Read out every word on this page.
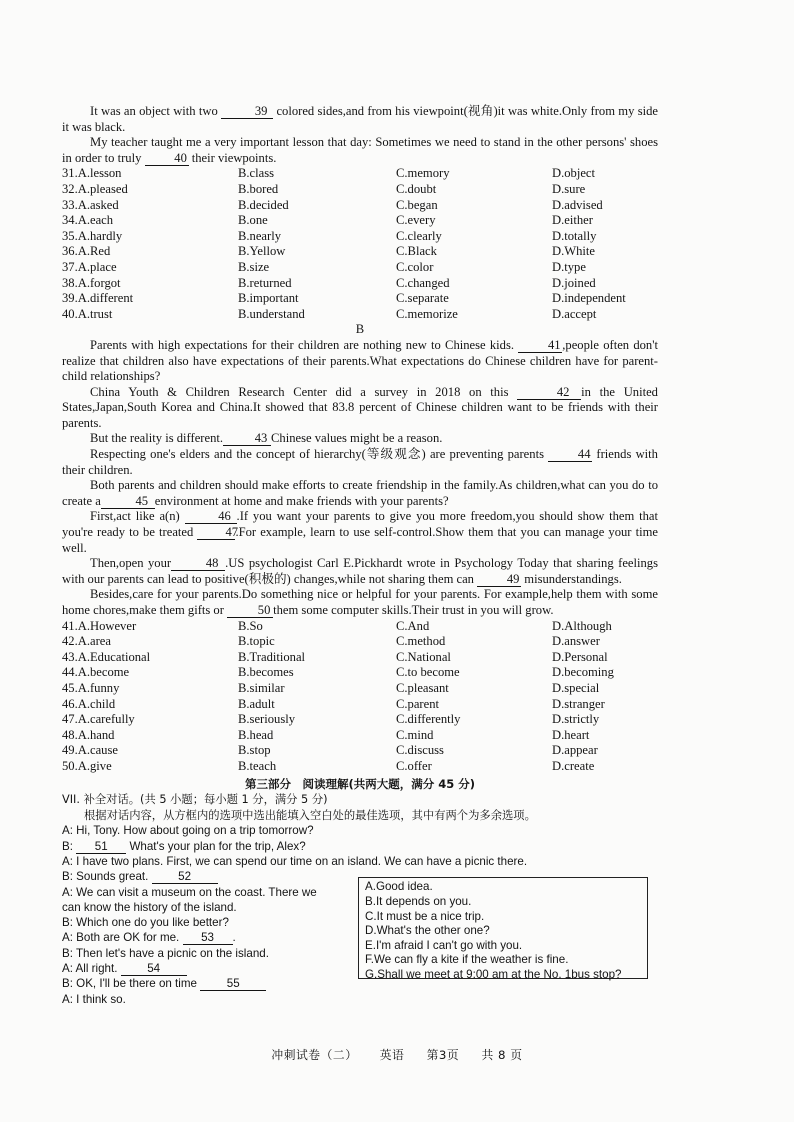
It was an object with two	39 colored sides,and from his viewpoint(视角)it was white.Only from my side it was black.

My teacher taught me a very important lesson that day: Sometimes we need to stand in the other persons' shoes in order to truly	40 their viewpoints.

31.A.lesson	B.class	C.memory	D.object
32.A.pleased	B.bored	C.doubt	D.sure
33.A.asked	B.decided	C.began	D.advised
34.A.each	B.one	C.every	D.either
35.A.hardly	B.nearly	C.clearly	D.totally
36.A.Red	B.Yellow	C.Black	D.White
37.A.place	B.size	C.color	D.type
38.A.forgot	B.returned	C.changed	D.joined
39.A.different	B.important	C.separate	D.independent
40.A.trust	B.understand	C.memorize	D.accept
B

Parents with high expectations for their children are nothing new to Chinese kids.	41 ,people often don't realize that children also have expectations of their parents.What expectations do Chinese children have for parent-child relationships?

China Youth & Children Research Center did a survey in 2018 on this	42 in the United States,Japan,South Korea and China.It showed that 83.8 percent of Chinese children want to be friends with their parents.

But the reality is different.	43 Chinese values might be a reason.

Respecting one's elders and the concept of hierarchy(等级观念) are preventing parents	44 friends with their children.

Both parents and children should make efforts to create friendship in the family.As children,what can you do to create a	45 environment at home and make friends with your parents?

First,act like a(n)	46 .If you want your parents to give you more freedom,you should show them that you're ready to be treated	47.For example, learn to use self-control.Show them that you can manage your time well.

Then,open your	48 .US psychologist Carl E.Pickhardt wrote in Psychology Today that sharing feelings with our parents can lead to positive(积极的) changes,while not sharing them can	49 misunderstandings.

Besides,care for your parents.Do something nice or helpful for your parents. For example,help them with some home chores,make them gifts or	50 them some computer skills.Their trust in you will grow.

41.A.However	B.So	C.And	D.Although
42.A.area	B.topic	C.method	D.answer
43.A.Educational	B.Traditional	C.National	D.Personal
44.A.become	B.becomes	C.to become	D.becoming
45.A.funny	B.similar	C.pleasant	D.special
46.A.child	B.adult	C.parent	D.stranger
47.A.carefully	B.seriously	C.differently	D.strictly
48.A.hand	B.head	C.mind	D.heart
49.A.cause	B.stop	C.discuss	D.appear
50.A.give	B.teach	C.offer	D.create
第三部分　阅读理解(共两大题，满分 45 分)
VII. 补全对话。(共 5 小题；每小题 1 分，满分 5 分)
根据对话内容，从方框内的选项中选出能填入空白处的最佳选项，其中有两个为多余选项。
A: Hi, Tony. How about going on a trip tomorrow?
B: 51 What's your plan for the trip, Alex?
A: I have two plans. First, we can spend our time on an island. We can have a picnic there.
B: Sounds great.	52
A: We can visit a museum on the coast. There we
can know the history of the island.
B: Which one do you like better?
A: Both are OK for me. 53 .
B: Then let's have a picnic on the island.
A: All right.	54
B: OK, I'll be there on time	55
A: I think so.
A.Good idea.
B.It depends on you.
C.It must be a nice trip.
D.What's the other one?
E.I'm afraid I can't go with you.
F.We can fly a kite if the weather is fine.
G.Shall we meet at 9:00 am at the No. 1bus stop?
冲刺试卷（二） 英语 第3页 共 8 页
